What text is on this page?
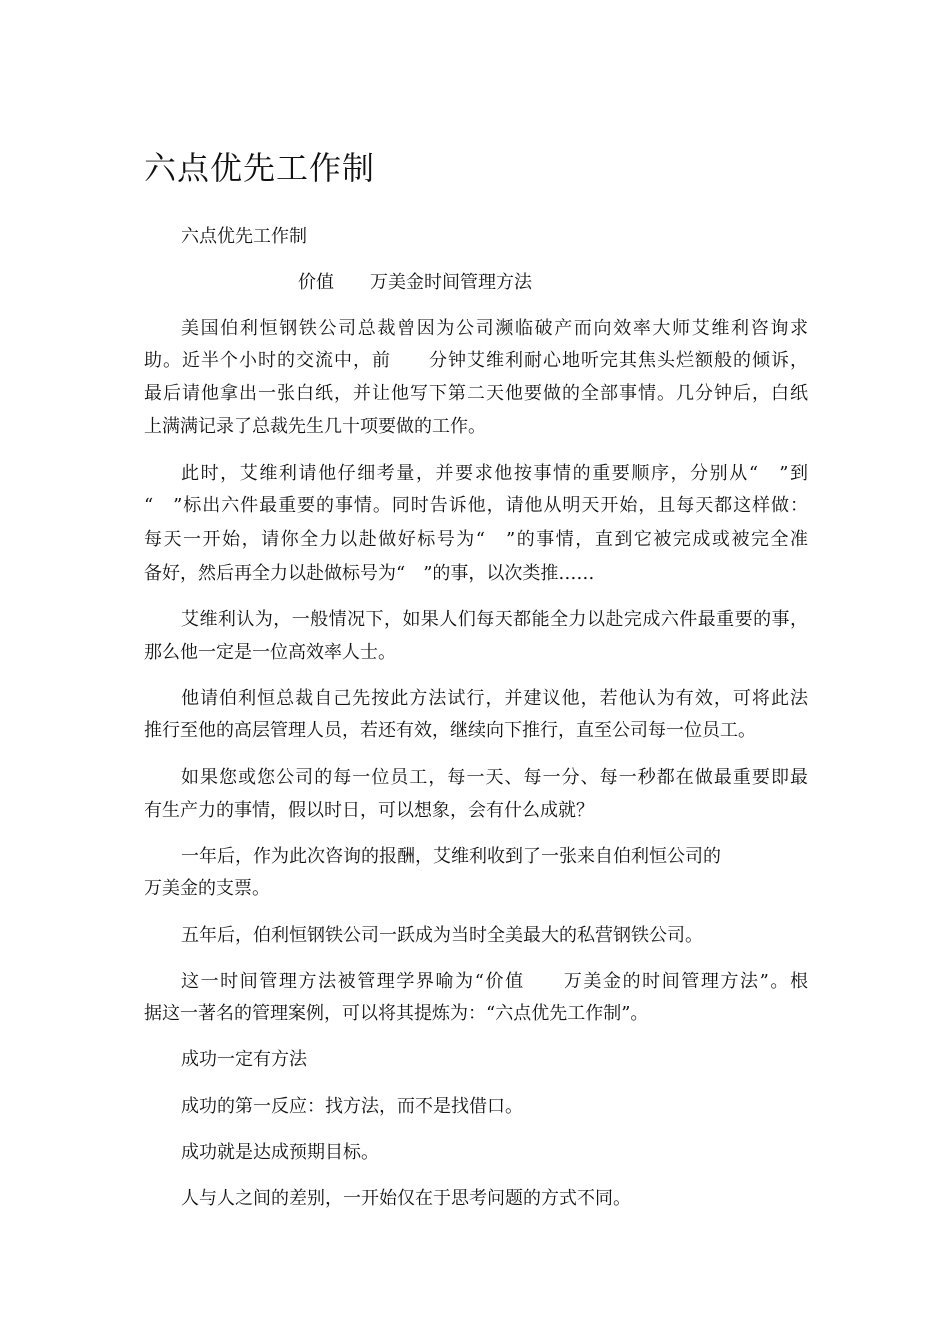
六点优先工作制

六点优先工作制

价值　　万美金时间管理方法

美国伯利恒钢铁公司总裁曾因为公司濒临破产而向效率大师艾维利咨询求

助。近半个小时的交流中，前　　分钟艾维利耐心地听完其焦头烂额般的倾诉，

最后请他拿出一张白纸，并让他写下第二天他要做的全部事情。几分钟后，白纸

上满满记录了总裁先生几十项要做的工作。

此时，艾维利请他仔细考量，并要求他按事情的重要顺序，分别从“　”到

“　”标出六件最重要的事情。同时告诉他，请他从明天开始，且每天都这样做：

每天一开始，请你全力以赴做好标号为“　”的事情，直到它被完成或被完全准

备好，然后再全力以赴做标号为“　”的事，以次类推……

艾维利认为，一般情况下，如果人们每天都能全力以赴完成六件最重要的事，

那么他一定是一位高效率人士。

他请伯利恒总裁自己先按此方法试行，并建议他，若他认为有效，可将此法

推行至他的高层管理人员，若还有效，继续向下推行，直至公司每一位员工。

如果您或您公司的每一位员工，每一天、每一分、每一秒都在做最重要即最

有生产力的事情，假以时日，可以想象，会有什么成就？

一年后，作为此次咨询的报酬，艾维利收到了一张来自伯利恒公司的

万美金的支票。

五年后，伯利恒钢铁公司一跃成为当时全美最大的私营钢铁公司。

这一时间管理方法被管理学界喻为“价值　　万美金的时间管理方法”。根

据这一著名的管理案例，可以将其提炼为：“六点优先工作制”。

成功一定有方法

成功的第一反应：找方法，而不是找借口。

成功就是达成预期目标。

人与人之间的差别，一开始仅在于思考问题的方式不同。
